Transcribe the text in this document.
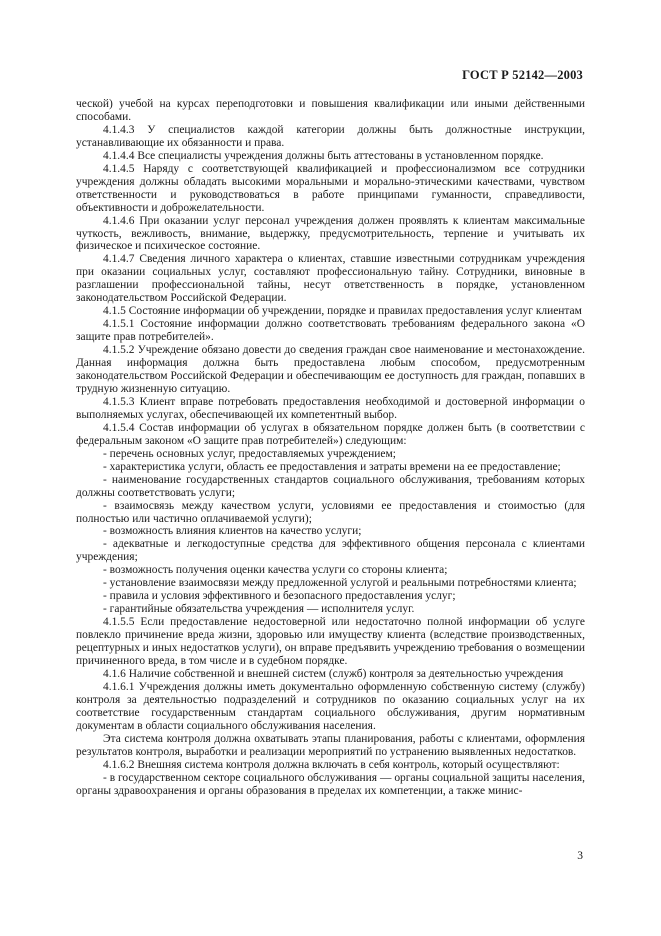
ГОСТ Р 52142—2003

ческой) учебой на курсах переподготовки и повышения квалификации или иными действенными способами.

4.1.4.3 У специалистов каждой категории должны быть должностные инструкции, устанавливающие их обязанности и права.

4.1.4.4 Все специалисты учреждения должны быть аттестованы в установленном порядке.

4.1.4.5 Наряду с соответствующей квалификацией и профессионализмом все сотрудники учреждения должны обладать высокими моральными и морально-этическими качествами, чувством ответственности и руководствоваться в работе принципами гуманности, справедливости, объективности и доброжелательности.

4.1.4.6 При оказании услуг персонал учреждения должен проявлять к клиентам максимальные чуткость, вежливость, внимание, выдержку, предусмотрительность, терпение и учитывать их физическое и психическое состояние.

4.1.4.7 Сведения личного характера о клиентах, ставшие известными сотрудникам учреждения при оказании социальных услуг, составляют профессиональную тайну. Сотрудники, виновные в разглашении профессиональной тайны, несут ответственность в порядке, установленном законодательством Российской Федерации.

4.1.5 Состояние информации об учреждении, порядке и правилах предоставления услуг клиентам

4.1.5.1 Состояние информации должно соответствовать требованиям федерального закона «О защите прав потребителей».

4.1.5.2 Учреждение обязано довести до сведения граждан свое наименование и местонахождение. Данная информация должна быть предоставлена любым способом, предусмотренным законодательством Российской Федерации и обеспечивающим ее доступность для граждан, попавших в трудную жизненную ситуацию.

4.1.5.3 Клиент вправе потребовать предоставления необходимой и достоверной информации о выполняемых услугах, обеспечивающей их компетентный выбор.

4.1.5.4 Состав информации об услугах в обязательном порядке должен быть (в соответствии с федеральным законом «О защите прав потребителей») следующим:

- перечень основных услуг, предоставляемых учреждением;

- характеристика услуги, область ее предоставления и затраты времени на ее предоставление;

- наименование государственных стандартов социального обслуживания, требованиям которых должны соответствовать услуги;

- взаимосвязь между качеством услуги, условиями ее предоставления и стоимостью (для полностью или частично оплачиваемой услуги);

- возможность влияния клиентов на качество услуги;

- адекватные и легкодоступные средства для эффективного общения персонала с клиентами учреждения;

- возможность получения оценки качества услуги со стороны клиента;

- установление взаимосвязи между предложенной услугой и реальными потребностями клиента;

- правила и условия эффективного и безопасного предоставления услуг;

- гарантийные обязательства учреждения — исполнителя услуг.

4.1.5.5 Если предоставление недостоверной или недостаточно полной информации об услуге повлекло причинение вреда жизни, здоровью или имуществу клиента (вследствие производственных, рецептурных и иных недостатков услуги), он вправе предъявить учреждению требования о возмещении причиненного вреда, в том числе и в судебном порядке.

4.1.6 Наличие собственной и внешней систем (служб) контроля за деятельностью учреждения

4.1.6.1 Учреждения должны иметь документально оформленную собственную систему (службу) контроля за деятельностью подразделений и сотрудников по оказанию социальных услуг на их соответствие государственным стандартам социального обслуживания, другим нормативным документам в области социального обслуживания населения.

Эта система контроля должна охватывать этапы планирования, работы с клиентами, оформления результатов контроля, выработки и реализации мероприятий по устранению выявленных недостатков.

4.1.6.2 Внешняя система контроля должна включать в себя контроль, который осуществляют:

- в государственном секторе социального обслуживания — органы социальной защиты населения, органы здравоохранения и органы образования в пределах их компетенции, а также минис-

3
